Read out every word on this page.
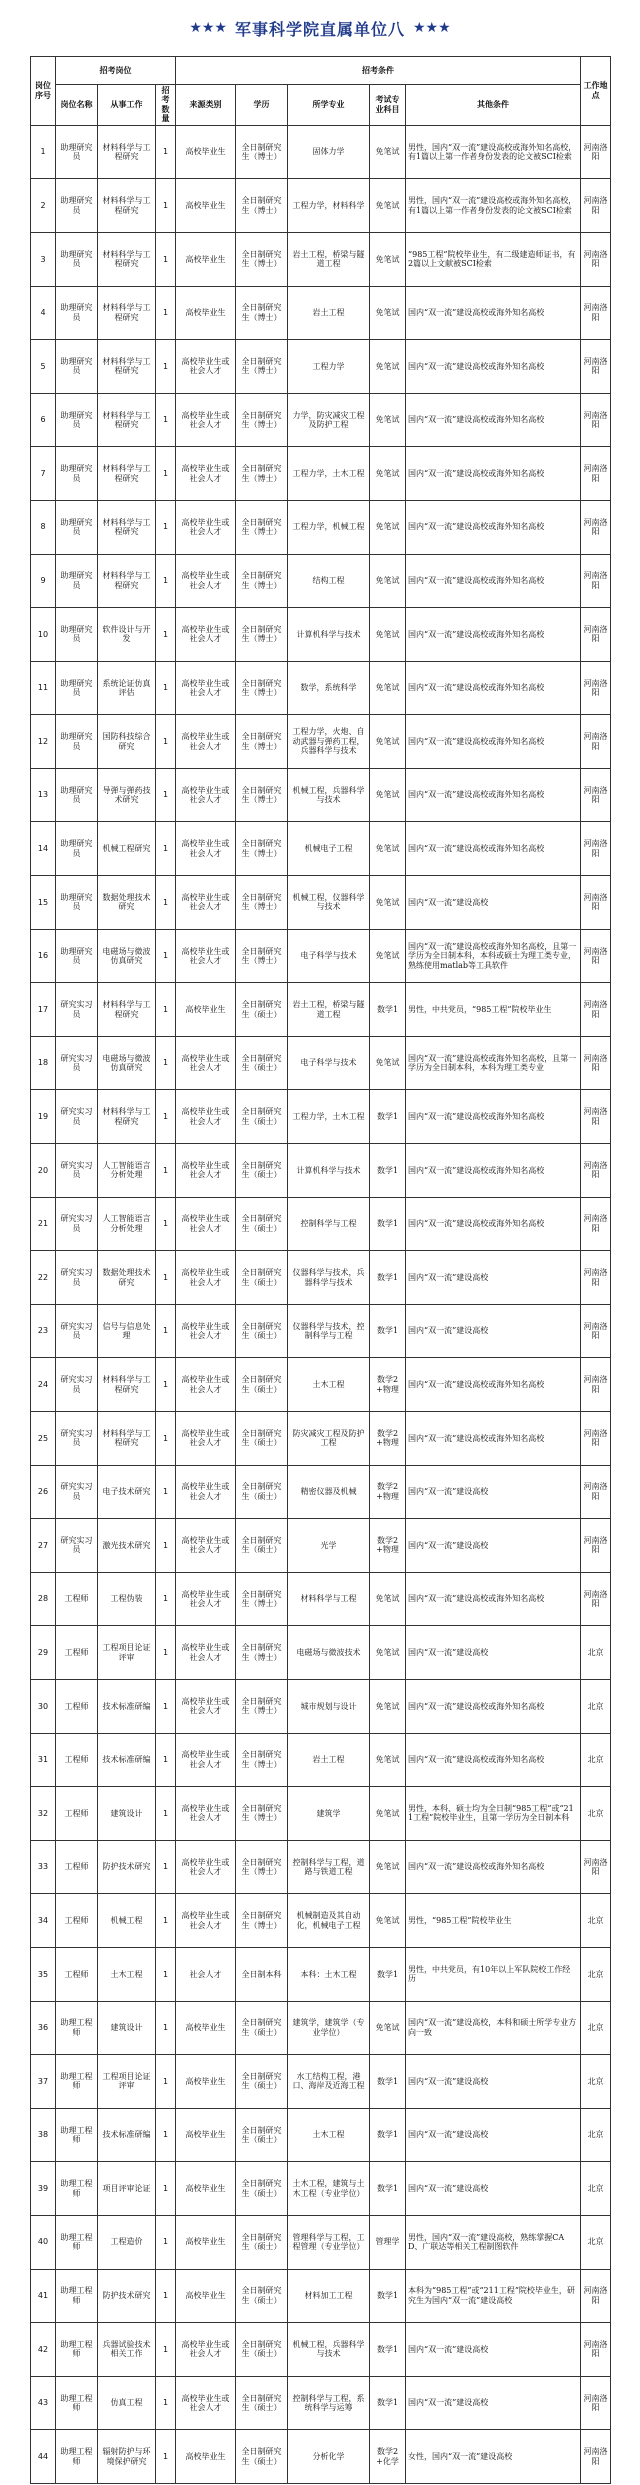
★★★ 军事科学院直属单位八 ★★★
岗位序号	招考岗位			招考条件					工作地点
	岗位名称	从事工作	招考数量	来源类别	学历	所学专业	考试专业科目	其他条件	
1	助理研究员	材料科学与工程研究	1	高校毕业生	全日制研究生（博士）	固体力学	免笔试	男性，国内“双一流”建设高校或海外知名高校，有1篇以上第一作者身份发表的论文被SCI检索	河南洛阳
2	助理研究员	材料科学与工程研究	1	高校毕业生	全日制研究生（博士）	工程力学，材料科学	免笔试	男性，国内“双一流”建设高校或海外知名高校，有1篇以上第一作者身份发表的论文被SCI检索	河南洛阳
3	助理研究员	材料科学与工程研究	1	高校毕业生	全日制研究生（博士）	岩土工程，桥梁与隧道工程	免笔试	“985工程”院校毕业生，有二级建造师证书，有2篇以上文献被SCI检索	河南洛阳
4	助理研究员	材料科学与工程研究	1	高校毕业生	全日制研究生（博士）	岩土工程	免笔试	国内“双一流”建设高校或海外知名高校	河南洛阳
5	助理研究员	材料科学与工程研究	1	高校毕业生或社会人才	全日制研究生（博士）	工程力学	免笔试	国内“双一流”建设高校或海外知名高校	河南洛阳
6	助理研究员	材料科学与工程研究	1	高校毕业生或社会人才	全日制研究生（博士）	力学，防灾减灾工程及防护工程	免笔试	国内“双一流”建设高校或海外知名高校	河南洛阳
7	助理研究员	材料科学与工程研究	1	高校毕业生或社会人才	全日制研究生（博士）	工程力学，土木工程	免笔试	国内“双一流”建设高校或海外知名高校	河南洛阳
8	助理研究员	材料科学与工程研究	1	高校毕业生或社会人才	全日制研究生（博士）	工程力学，机械工程	免笔试	国内“双一流”建设高校或海外知名高校	河南洛阳
9	助理研究员	材料科学与工程研究	1	高校毕业生或社会人才	全日制研究生（博士）	结构工程	免笔试	国内“双一流”建设高校或海外知名高校	河南洛阳
10	助理研究员	软件设计与开发	1	高校毕业生或社会人才	全日制研究生（博士）	计算机科学与技术	免笔试	国内“双一流”建设高校或海外知名高校	河南洛阳
11	助理研究员	系统论证仿真评估	1	高校毕业生或社会人才	全日制研究生（博士）	数学，系统科学	免笔试	国内“双一流”建设高校或海外知名高校	河南洛阳
12	助理研究员	国防科技综合研究	1	高校毕业生或社会人才	全日制研究生（博士）	工程力学，火炮、自动武器与弹药工程，兵器科学与技术	免笔试	国内“双一流”建设高校或海外知名高校	河南洛阳
13	助理研究员	导弹与弹药技术研究	1	高校毕业生或社会人才	全日制研究生（博士）	机械工程，兵器科学与技术	免笔试	国内“双一流”建设高校或海外知名高校	河南洛阳
14	助理研究员	机械工程研究	1	高校毕业生或社会人才	全日制研究生（博士）	机械电子工程	免笔试	国内“双一流”建设高校或海外知名高校	河南洛阳
15	助理研究员	数据处理技术研究	1	高校毕业生或社会人才	全日制研究生（博士）	机械工程，仪器科学与技术	免笔试	国内“双一流”建设高校	河南洛阳
16	助理研究员	电磁场与微波仿真研究	1	高校毕业生或社会人才	全日制研究生（博士）	电子科学与技术	免笔试	国内“双一流”建设高校或海外知名高校，且第一学历为全日制本科，本科或硕士为理工类专业，熟练使用matlab等工具软件	河南洛阳
17	研究实习员	材料科学与工程研究	1	高校毕业生	全日制研究生（硕士）	岩土工程，桥梁与隧道工程	数学1	男性，中共党员，“985工程”院校毕业生	河南洛阳
18	研究实习员	电磁场与微波仿真研究	1	高校毕业生或社会人才	全日制研究生（硕士）	电子科学与技术	免笔试	国内“双一流”建设高校或海外知名高校，且第一学历为全日制本科，本科为理工类专业	河南洛阳
19	研究实习员	材料科学与工程研究	1	高校毕业生或社会人才	全日制研究生（硕士）	工程力学，土木工程	数学1	国内“双一流”建设高校或海外知名高校	河南洛阳
20	研究实习员	人工智能语言分析处理	1	高校毕业生或社会人才	全日制研究生（硕士）	计算机科学与技术	数学1	国内“双一流”建设高校或海外知名高校	河南洛阳
21	研究实习员	人工智能语言分析处理	1	高校毕业生或社会人才	全日制研究生（硕士）	控制科学与工程	数学1	国内“双一流”建设高校或海外知名高校	河南洛阳
22	研究实习员	数据处理技术研究	1	高校毕业生或社会人才	全日制研究生（硕士）	仪器科学与技术，兵器科学与技术	数学1	国内“双一流”建设高校	河南洛阳
23	研究实习员	信号与信息处理	1	高校毕业生或社会人才	全日制研究生（硕士）	仪器科学与技术，控制科学与工程	数学1	国内“双一流”建设高校	河南洛阳
24	研究实习员	材料科学与工程研究	1	高校毕业生或社会人才	全日制研究生（硕士）	土木工程	数学2+物理	国内“双一流”建设高校或海外知名高校	河南洛阳
25	研究实习员	材料科学与工程研究	1	高校毕业生或社会人才	全日制研究生（硕士）	防灾减灾工程及防护工程	数学2+物理	国内“双一流”建设高校或海外知名高校	河南洛阳
26	研究实习员	电子技术研究	1	高校毕业生或社会人才	全日制研究生（硕士）	精密仪器及机械	数学2+物理	国内“双一流”建设高校	河南洛阳
27	研究实习员	激光技术研究	1	高校毕业生或社会人才	全日制研究生（硕士）	光学	数学2+物理	国内“双一流”建设高校	河南洛阳
28	工程师	工程伪装	1	高校毕业生或社会人才	全日制研究生（博士）	材料科学与工程	免笔试	国内“双一流”建设高校或海外知名高校	河南洛阳
29	工程师	工程项目论证评审	1	高校毕业生或社会人才	全日制研究生（博士）	电磁场与微波技术	免笔试	国内“双一流”建设高校	北京
30	工程师	技术标准研编	1	高校毕业生或社会人才	全日制研究生（博士）	城市规划与设计	免笔试	国内“双一流”建设高校或海外知名高校	北京
31	工程师	技术标准研编	1	高校毕业生或社会人才	全日制研究生（博士）	岩土工程	免笔试	国内“双一流”建设高校或海外知名高校	北京
32	工程师	建筑设计	1	高校毕业生或社会人才	全日制研究生（博士）	建筑学	免笔试	男性，本科、硕士均为全日制“985工程”或“211工程”院校毕业生，且第一学历为全日制本科	北京
33	工程师	防护技术研究	1	高校毕业生或社会人才	全日制研究生（博士）	控制科学与工程，道路与铁道工程	免笔试	国内“双一流”建设高校或海外知名高校	河南洛阳
34	工程师	机械工程	1	高校毕业生或社会人才	全日制研究生（博士）	机械制造及其自动化，机械电子工程	免笔试	男性，“985工程”院校毕业生	北京
35	工程师	土木工程	1	社会人才	全日制本科	本科：土木工程	数学1	男性，中共党员，有10年以上军队院校工作经历	北京
36	助理工程师	建筑设计	1	高校毕业生	全日制研究生（硕士）	建筑学，建筑学（专业学位）	免笔试	国内“双一流”建设高校，本科和硕士所学专业方向一致	北京
37	助理工程师	工程项目论证评审	1	高校毕业生	全日制研究生（硕士）	水工结构工程，港口、海岸及近海工程	数学1	国内“双一流”建设高校	北京
38	助理工程师	技术标准研编	1	高校毕业生	全日制研究生（硕士）	土木工程	数学1	国内“双一流”建设高校	北京
39	助理工程师	项目评审论证	1	高校毕业生	全日制研究生（硕士）	土木工程，建筑与土木工程（专业学位）	数学1	国内“双一流”建设高校	北京
40	助理工程师	工程造价	1	高校毕业生	全日制研究生（硕士）	管理科学与工程，工程管理（专业学位）	管理学	男性，国内“双一流”建设高校，熟练掌握CAD、广联达等相关工程制图软件	北京
41	助理工程师	防护技术研究	1	高校毕业生	全日制研究生（硕士）	材料加工工程	数学1	本科为“985工程”或“211工程”院校毕业生，研究生为国内“双一流”建设高校	河南洛阳
42	助理工程师	兵器试验技术相关工作	1	高校毕业生或社会人才	全日制研究生（硕士）	机械工程，兵器科学与技术	数学1	国内“双一流”建设高校	河南洛阳
43	助理工程师	仿真工程	1	高校毕业生或社会人才	全日制研究生（硕士）	控制科学与工程，系统科学与运筹	数学1	国内“双一流”建设高校	河南洛阳
44	助理工程师	辐射防护与环境保护研究	1	高校毕业生	全日制研究生（硕士）	分析化学	数学2+化学	女性，国内“双一流”建设高校	河南洛阳
